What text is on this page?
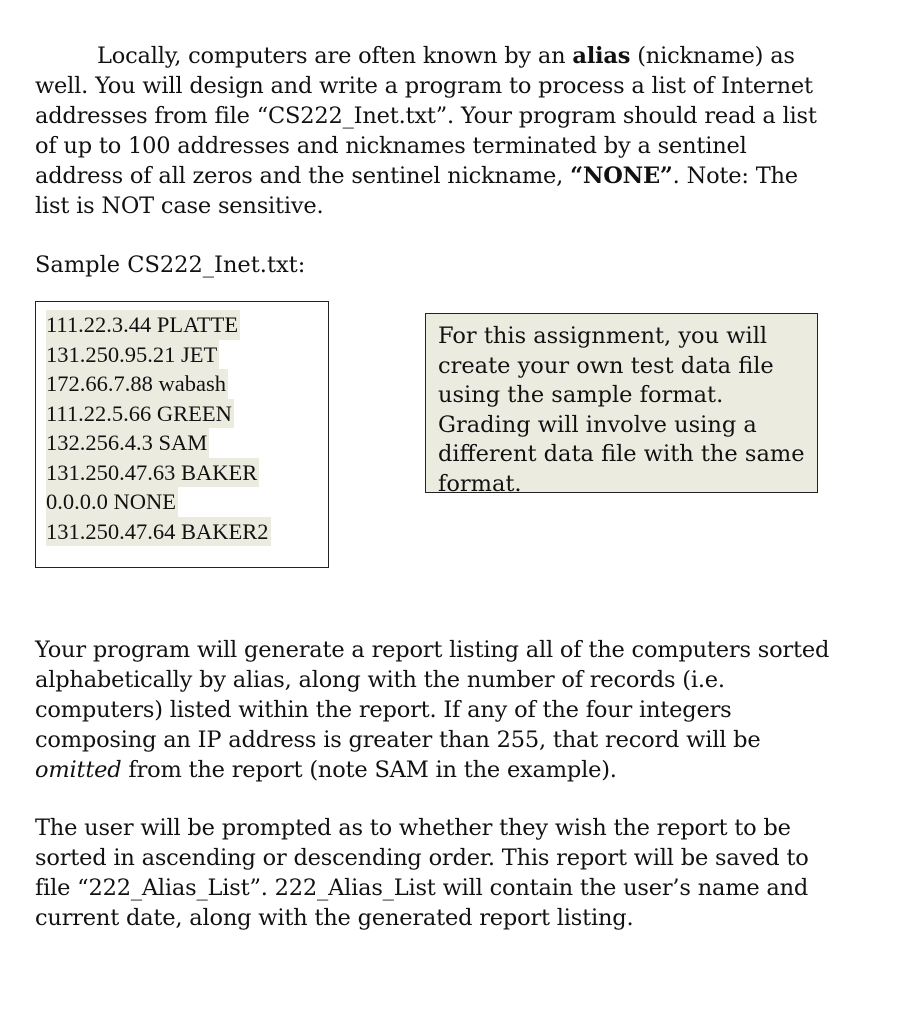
Locally, computers are often known by an alias (nickname) as well. You will design and write a program to process a list of Internet addresses from file “CS222_Inet.txt”. Your program should read a list of up to 100 addresses and nicknames terminated by a sentinel address of all zeros and the sentinel nickname, “NONE”. Note: The list is NOT case sensitive.

Sample CS222_Inet.txt:

111.22.3.44 PLATTE
131.250.95.21 JET
172.66.7.88 wabash
111.22.5.66 GREEN
132.256.4.3 SAM
131.250.47.63 BAKER
0.0.0.0 NONE
131.250.47.64 BAKER2

For this assignment, you will create your own test data file using the sample format. Grading will involve using a different data file with the same format.

Your program will generate a report listing all of the computers sorted alphabetically by alias, along with the number of records (i.e. computers) listed within the report. If any of the four integers composing an IP address is greater than 255, that record will be omitted from the report (note SAM in the example).

The user will be prompted as to whether they wish the report to be sorted in ascending or descending order. This report will be saved to file “222_Alias_List”. 222_Alias_List will contain the user’s name and current date, along with the generated report listing.
